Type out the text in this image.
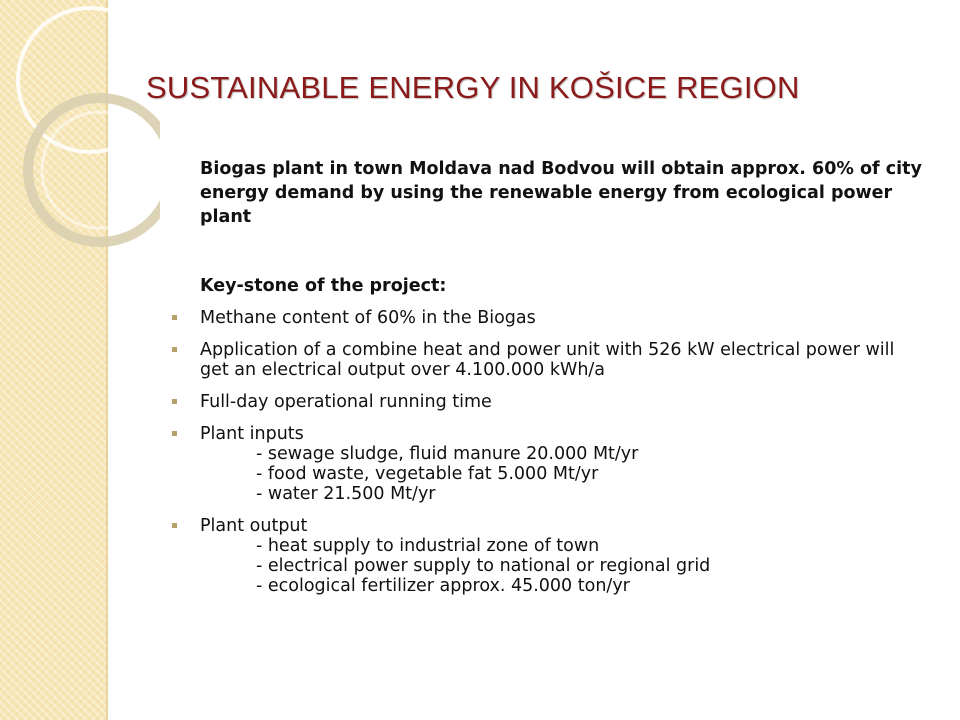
SUSTAINABLE ENERGY IN KOŠICE REGION

Biogas plant in town Moldava nad Bodvou will obtain approx. 60% of city energy demand by using the renewable energy from ecological power plant

Key-stone of the project:

Methane content of 60% in the Biogas
Application of a combine heat and power unit with 526 kW electrical power will get an electrical output over 4.100.000 kWh/a
Full-day operational running time
Plant inputs
- sewage sludge, fluid manure 20.000 Mt/yr
- food waste, vegetable fat 5.000 Mt/yr
- water 21.500 Mt/yr
Plant output
- heat supply to industrial zone of town
- electrical power supply to national or regional grid
- ecological fertilizer approx. 45.000 ton/yr
